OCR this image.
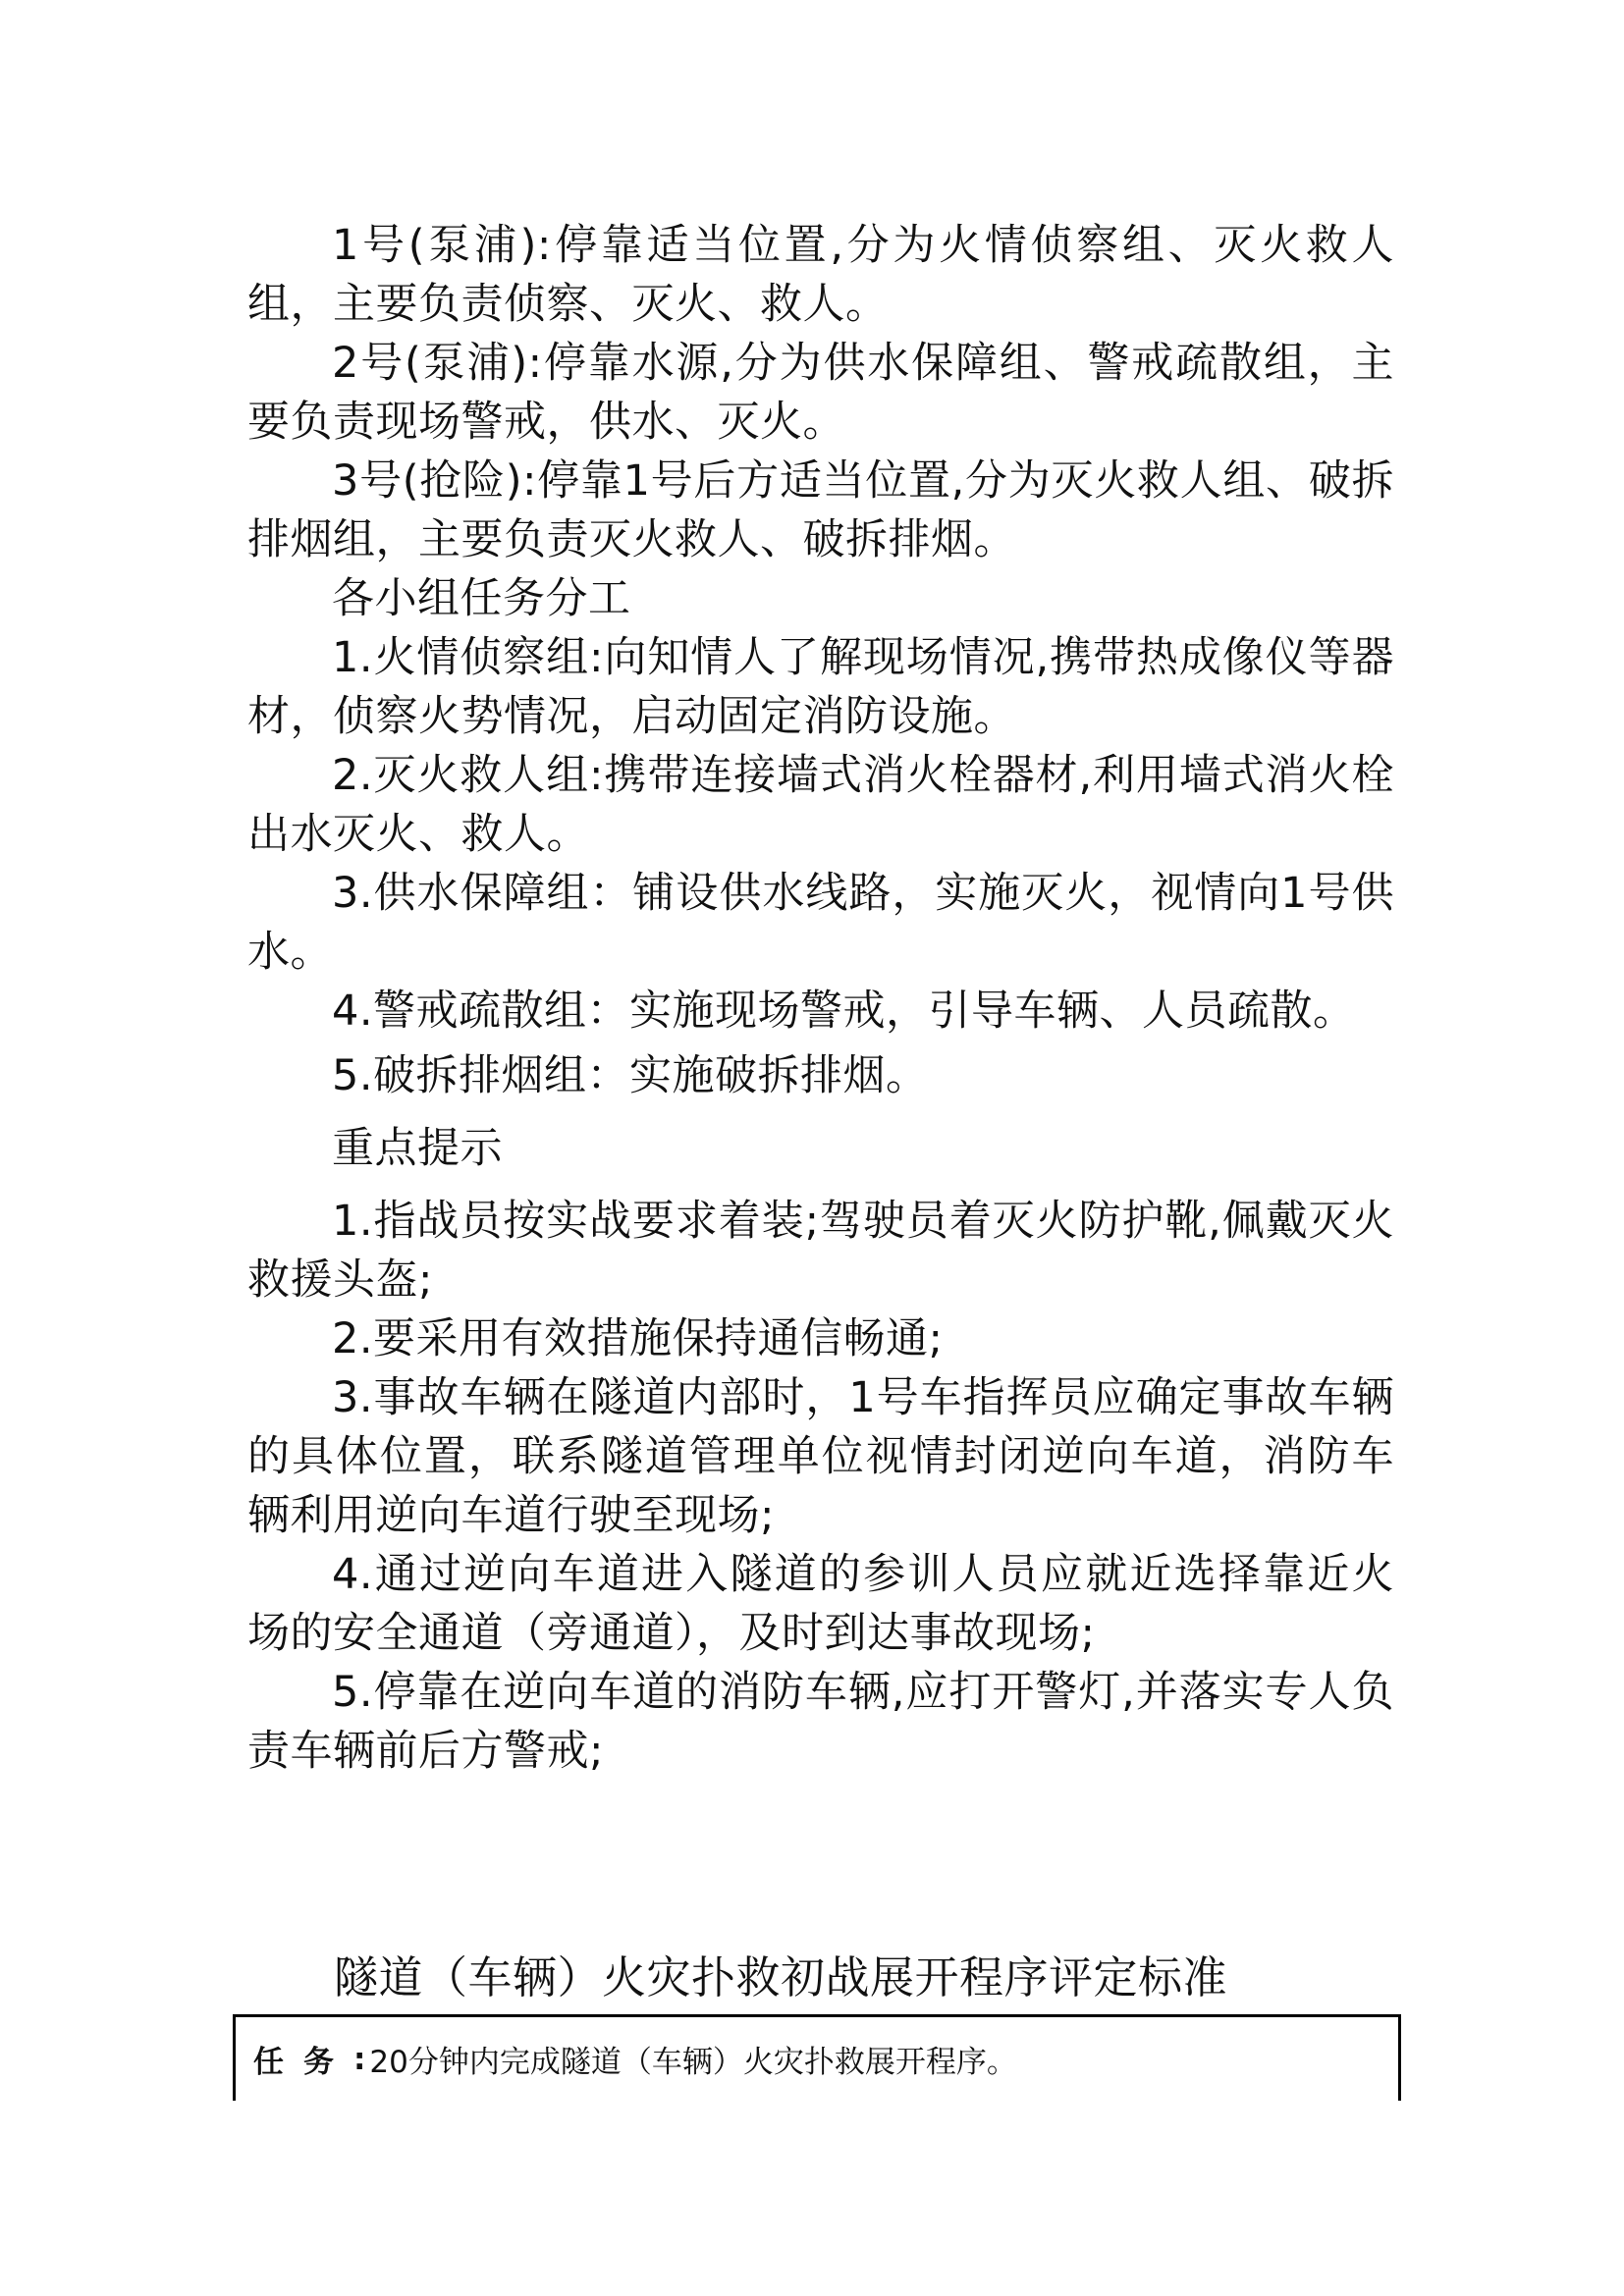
1号(泵浦):停靠适当位置,分为火情侦察组、灭火救人组，主要负责侦察、灭火、救人。

2号(泵浦):停靠水源,分为供水保障组、警戒疏散组，主要负责现场警戒，供水、灭火。

3号(抢险):停靠1号后方适当位置,分为灭火救人组、破拆排烟组，主要负责灭火救人、破拆排烟。

各小组任务分工

1.火情侦察组:向知情人了解现场情况,携带热成像仪等器材，侦察火势情况，启动固定消防设施。

2.灭火救人组:携带连接墙式消火栓器材,利用墙式消火栓出水灭火、救人。

3.供水保障组：铺设供水线路，实施灭火，视情向1号供水。

4.警戒疏散组：实施现场警戒，引导车辆、人员疏散。

5.破拆排烟组：实施破拆排烟。

重点提示

1.指战员按实战要求着装;驾驶员着灭火防护靴,佩戴灭火救援头盔;

2.要采用有效措施保持通信畅通;

3.事故车辆在隧道内部时，1号车指挥员应确定事故车辆的具体位置，联系隧道管理单位视情封闭逆向车道，消防车辆利用逆向车道行驶至现场;

4.通过逆向车道进入隧道的参训人员应就近选择靠近火场的安全通道（旁通道），及时到达事故现场;

5.停靠在逆向车道的消防车辆,应打开警灯,并落实专人负责车辆前后方警戒;

隧道（车辆）火灾扑救初战展开程序评定标准
任务 : 20分钟内完成隧道（车辆）火灾扑救展开程序。
